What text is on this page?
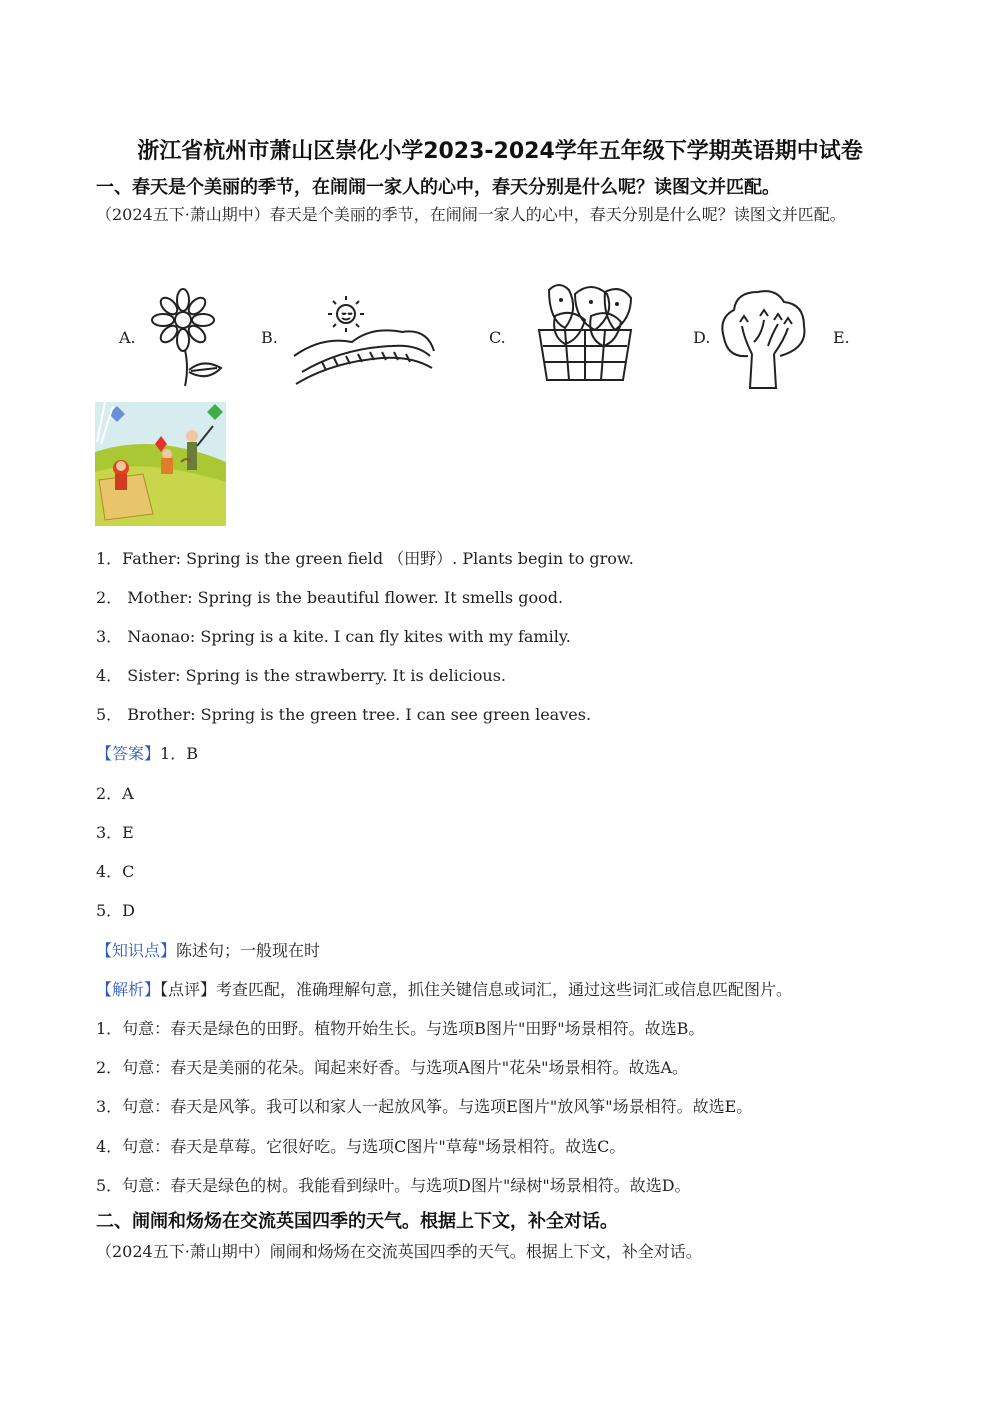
浙江省杭州市萧山区崇化小学2023-2024学年五年级下学期英语期中试卷
一、春天是个美丽的季节，在闹闹一家人的心中，春天分别是什么呢？读图文并匹配。
（2024五下·萧山期中）春天是个美丽的季节，在闹闹一家人的心中，春天分别是什么呢？读图文并匹配。
A.	B.	C.	D.	E.
1．Father: Spring is the green field （田野）. Plants begin to grow.
2． Mother: Spring is the beautiful flower. It smells good.
3． Naonao: Spring is a kite. I can fly kites with my family.
4． Sister: Spring is the strawberry. It is delicious.
5． Brother: Spring is the green tree. I can see green leaves.
【答案】1．B
2．A
3．E
4．C
5．D
【知识点】陈述句；一般现在时
【解析】【点评】考查匹配，准确理解句意，抓住关键信息或词汇，通过这些词汇或信息匹配图片。
1．句意：春天是绿色的田野。植物开始生长。与选项B图片"田野"场景相符。故选B。
2．句意：春天是美丽的花朵。闻起来好香。与选项A图片"花朵"场景相符。故选A。
3．句意：春天是风筝。我可以和家人一起放风筝。与选项E图片"放风筝"场景相符。故选E。
4．句意：春天是草莓。它很好吃。与选项C图片"草莓"场景相符。故选C。
5．句意：春天是绿色的树。我能看到绿叶。与选项D图片"绿树"场景相符。故选D。
二、闹闹和炀炀在交流英国四季的天气。根据上下文，补全对话。
（2024五下·萧山期中）闹闹和炀炀在交流英国四季的天气。根据上下文，补全对话。
